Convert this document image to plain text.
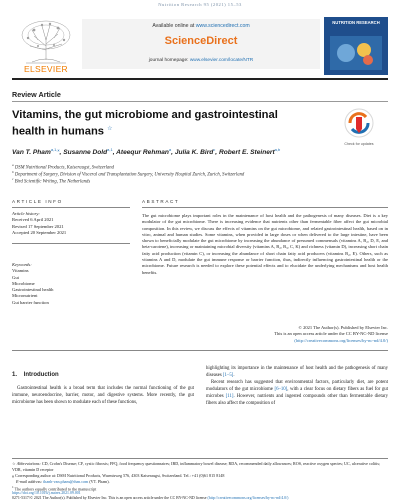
Nutrition Research 95 (2021) 15–53
ELSEVIER
Available online at www.sciencedirect.com
ScienceDirect
journal homepage: www.elsevier.com/locate/NTR
NUTRITION RESEARCH
Review Article
Vitamins, the gut microbiome and gastrointestinal
health in humans ☆
Check for updates
Van T. Pham$^{a,1,⁎}$, Susanne Dold$^{a,1}$, Ateequr Rehman$^a$, Julia K. Bird$^c$, Robert E. Steinert$^{a,b}$
$^a$ DSM Nutritional Products, Kaiseraugst, Switzerland
$^b$ Department of Surgery, Division of Visceral and Transplantation Surgery, University Hospital Zurich, Zurich, Switzerland
$^c$ Bird Scientific Writing, The Netherlands
ARTICLE INFO
Article history:
Received 6 April 2021
Revised 17 September 2021
Accepted 20 September 2021
Keywords:
Vitamins
Gut
Microbiome
Gastrointestinal health
Micronutrient
Gut barrier function
ABSTRACT
The gut microbiome plays important roles in the maintenance of host health and the pathogenesis of many diseases. Diet is a key modulator of the gut microbiome. There is increasing evidence that nutrients other than fermentable fiber affect the gut microbial composition. In this review, we discuss the effects of vitamins on the gut microbiome, and related gastrointestinal health, based on in vitro, animal and human studies. Some vitamins, when provided in large doses or when delivered to the large intestine, have been shown to beneficially modulate the gut microbiome by increasing the abundance of presumed commensals (vitamins A, B₂, D, E, and beta-carotene), increasing or maintaining microbial diversity (vitamins A, B₂, B₃, C, K) and richness (vitamin D), increasing short chain fatty acid production (vitamin C), or increasing the abundance of short chain fatty acid producers (vitamins B₂, E). Others, such as vitamins A and D, modulate the gut immune response or barrier function, thus, indirectly influencing gastrointestinal health or the microbiome. Future research is needed to explore these potential effects and to elucidate the underlying mechanisms and host health benefits.
© 2021 The Author(s). Published by Elsevier Inc.
This is an open access article under the CC BY-NC-ND license
(http://creativecommons.org/licenses/by-nc-nd/4.0/)
1. Introduction
Gastrointestinal health is a broad term that includes the normal functioning of the gut immune, neuroendocrine, barrier, motor, and digestive systems. More recently, the gut microbiome has been shown to modulate each of these functions,
highlighting its importance in the maintenance of host health and the pathogenesis of many diseases [1–5].
Recent research has suggested that environmental factors, particularly diet, are potent modulators of the gut microbiome [6–10], with a clear focus on dietary fibers as fuel for gut microbes [11]. However, nutrients and ingested compounds other than fermentable dietary fibers also affect the composition of
☆ Abbreviations: CD, Crohn's Disease; CF, cystic fibrosis; FFQ, food frequency questionnaires; IBD, inflammatory bowel disease; RDA, recommended daily allowances; ROS, reactive oxygen species; UC, ulcerative colitis; VDR, vitamin D receptor
⁎ Corresponding author at: DSM Nutritional Products, Wurmisweg 576, 4303 Kaiseraugst, Switzerland. Tel.: +41 (0)61 815 8148
E-mail address: thanh-van.pham@dsm.com (VT. Pham).
$^1$ The authors equally contributed to the manuscript
https://doi.org/10.1016/j.nutres.2021.09.001
0271-5317/© 2021 The Author(s). Published by Elsevier Inc. This is an open access article under the CC BY-NC-ND license (http://creativecommons.org/licenses/by-nc-nd/4.0/)
